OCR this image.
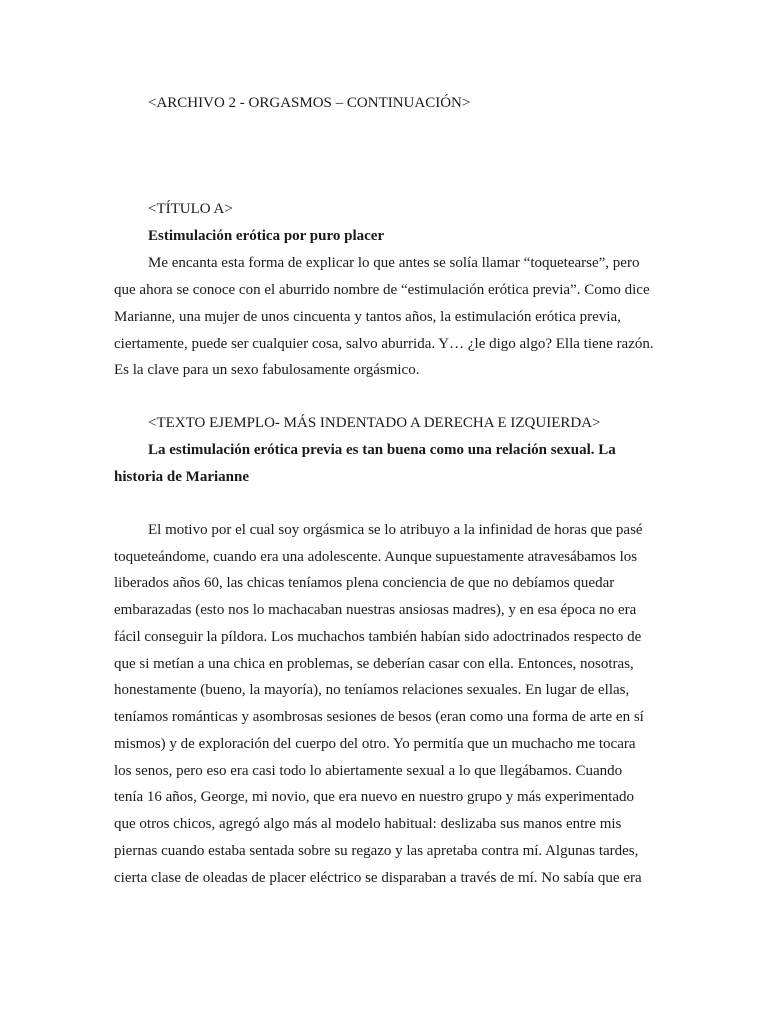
<ARCHIVO 2 - ORGASMOS – CONTINUACIÓN>
<TÍTULO A>
Estimulación erótica por puro placer
Me encanta esta forma de explicar lo que antes se solía llamar “toquetearse”, pero
que ahora se conoce con el aburrido nombre de “estimulación erótica previa”. Como dice
Marianne, una mujer de unos cincuenta y tantos años, la estimulación erótica previa,
ciertamente, puede ser cualquier cosa, salvo aburrida. Y… ¿le digo algo? Ella tiene razón.
Es la clave para un sexo fabulosamente orgásmico.
<TEXTO EJEMPLO- MÁS INDENTADO A DERECHA E IZQUIERDA>
La estimulación erótica previa es tan buena como una relación sexual. La
historia de Marianne
El motivo por el cual soy orgásmica se lo atribuyo a la infinidad de horas que pasé
toqueteándome, cuando era una adolescente. Aunque supuestamente atravesábamos los
liberados años 60, las chicas teníamos plena conciencia de que no debíamos quedar
embarazadas (esto nos lo machacaban nuestras ansiosas madres), y en esa época no era
fácil conseguir la píldora. Los muchachos también habían sido adoctrinados respecto de
que si metían a una chica en problemas, se deberían casar con ella. Entonces, nosotras,
honestamente (bueno, la mayoría), no teníamos relaciones sexuales. En lugar de ellas,
teníamos románticas y asombrosas sesiones de besos (eran como una forma de arte en sí
mismos) y de exploración del cuerpo del otro. Yo permitía que un muchacho me tocara
los senos, pero eso era casi todo lo abiertamente sexual a lo que llegábamos. Cuando
tenía 16 años, George, mi novio, que era nuevo en nuestro grupo y más experimentado
que otros chicos, agregó algo más al modelo habitual: deslizaba sus manos entre mis
piernas cuando estaba sentada sobre su regazo y las apretaba contra mí. Algunas tardes,
cierta clase de oleadas de placer eléctrico se disparaban a través de mí. No sabía que era
